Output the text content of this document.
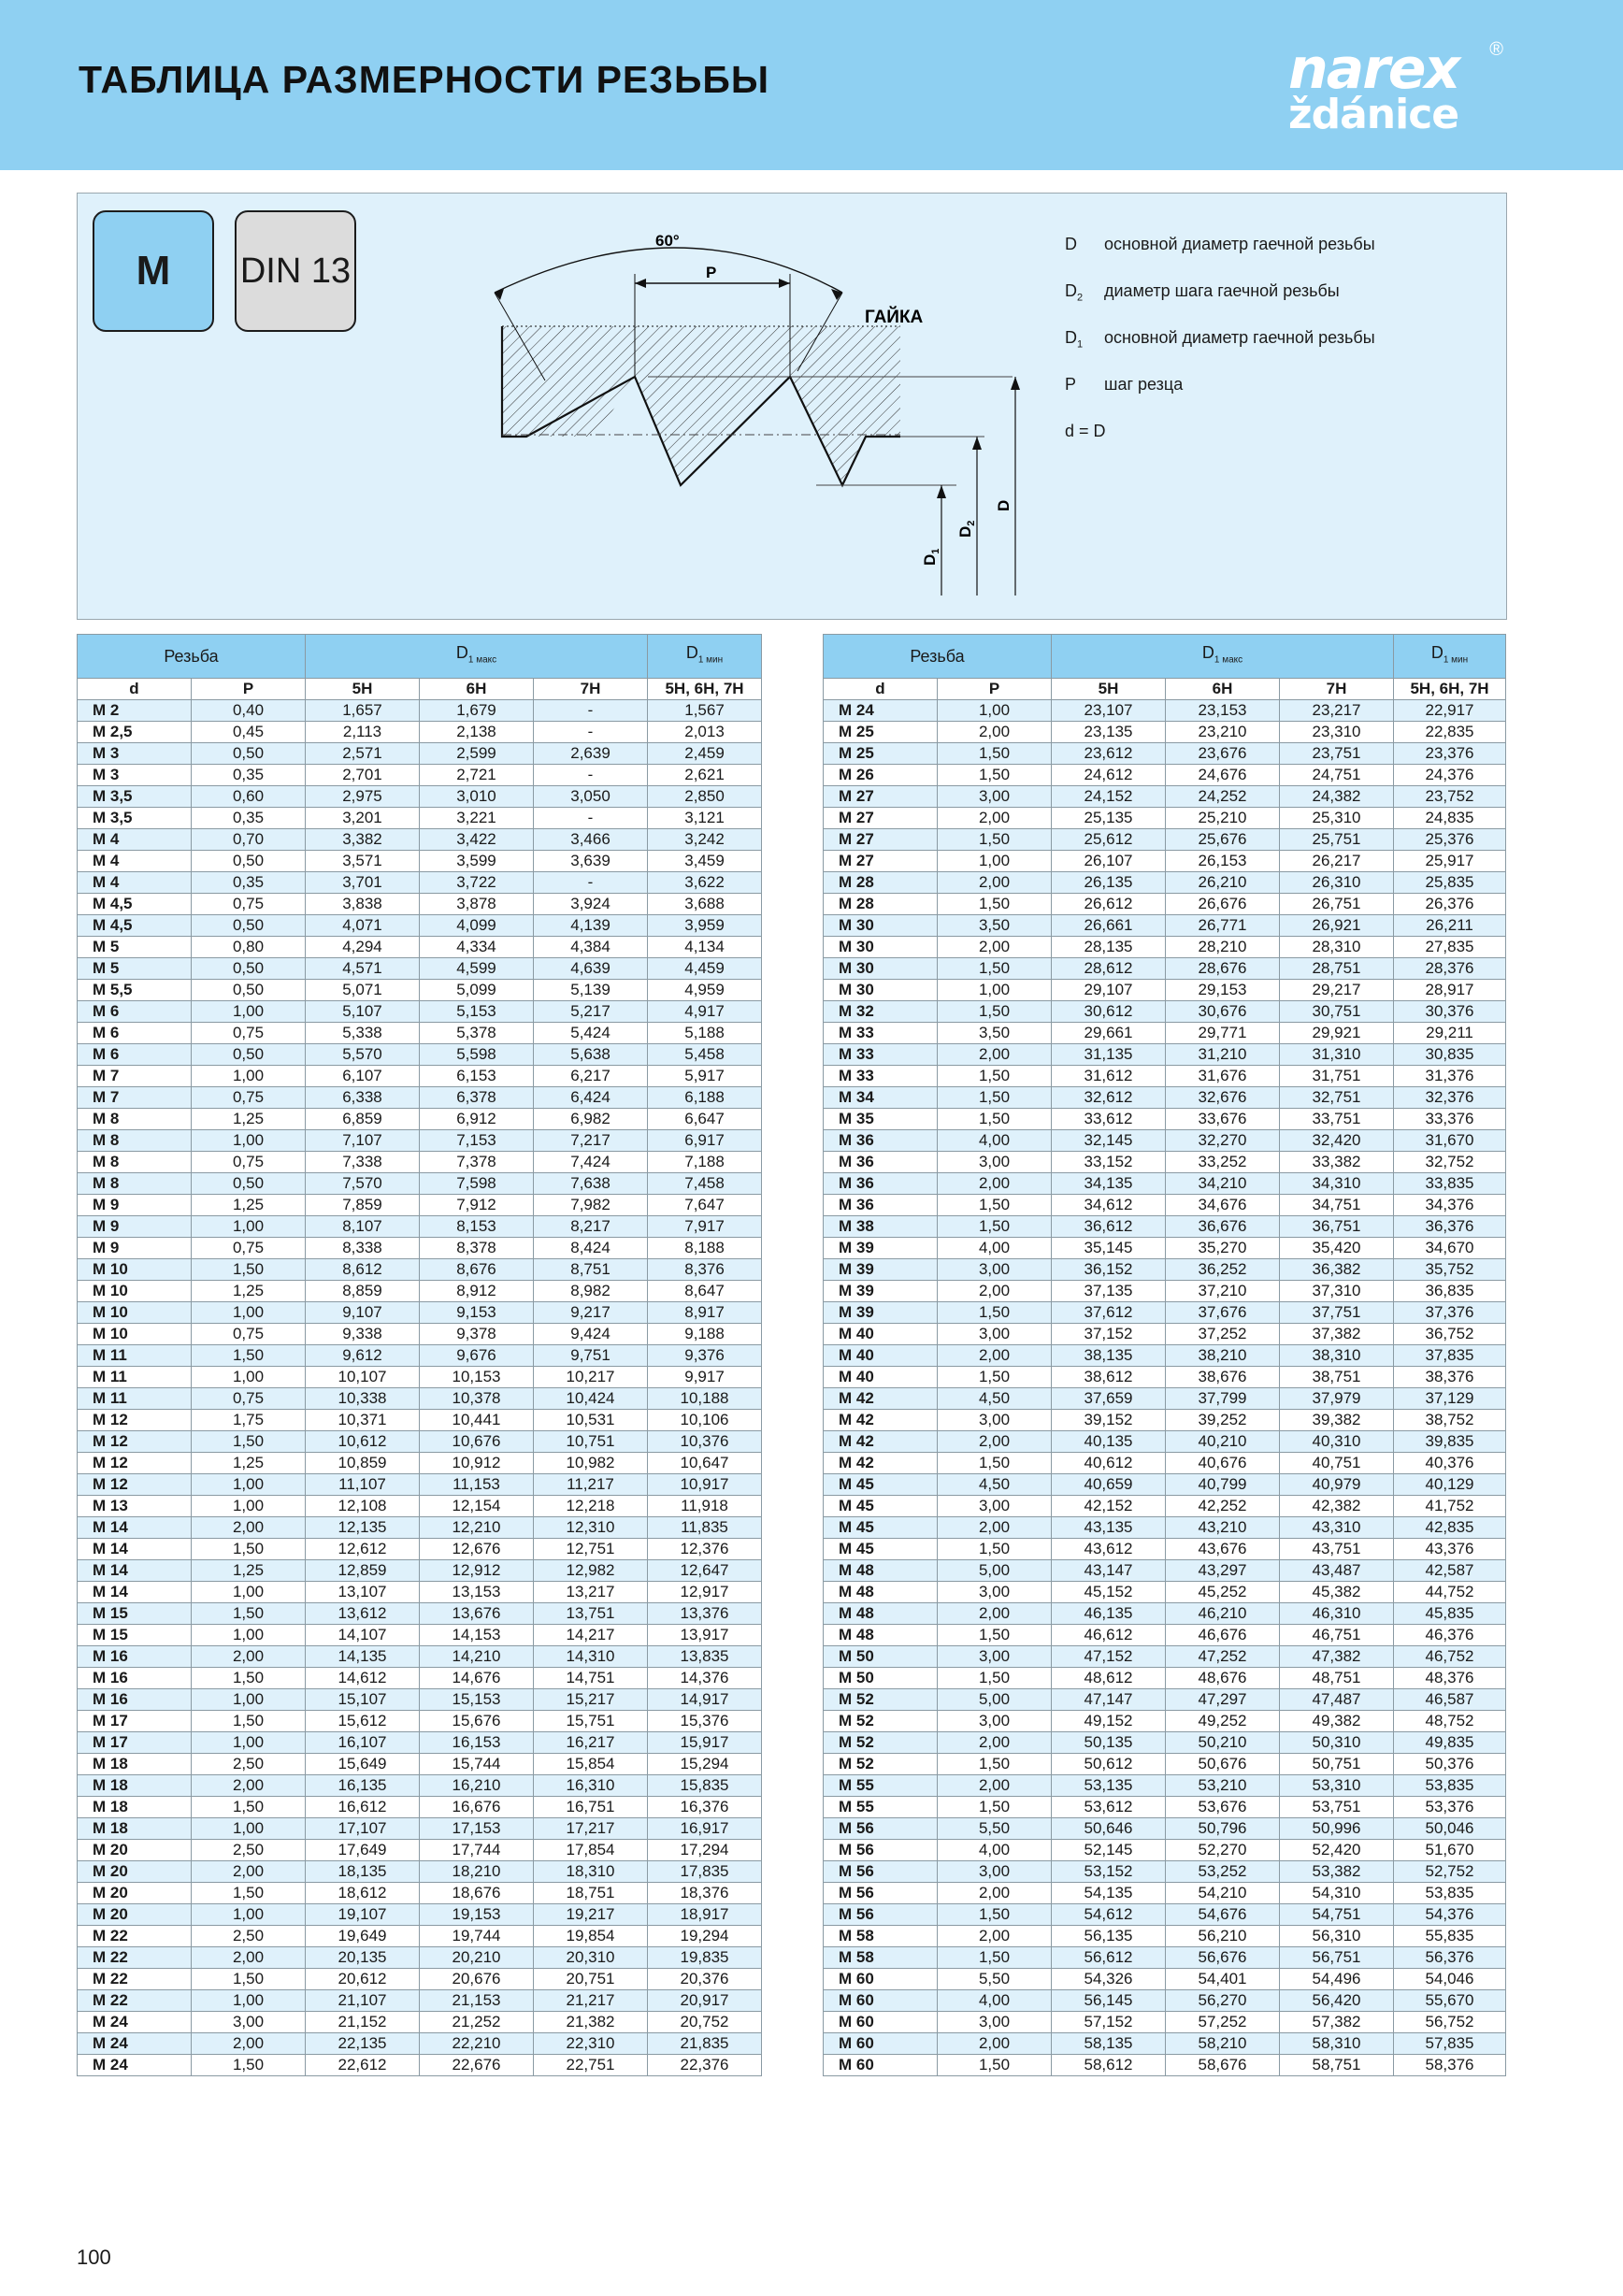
ТАБЛИЦА РАЗМЕРНОСТИ РЕЗЬБЫ	narex
ždánice
®
M	DIN 13
60°
P
ГАЙКА
D
$D_2$
$D_1$
D	основной диаметр гаечной резьбы
$D_2$	диаметр шага гаечной резьбы
$D_1$	основной диаметр гаечной резьбы
P	шаг резца
d = D
Резьба		$D_{1 макс}$			$D_{1 мин}$
d	P	5H	6H	7H	5H, 6H, 7H
M 2	0,40	1,657	1,679	-	1,567
M 2,5	0,45	2,113	2,138	-	2,013
M 3	0,50	2,571	2,599	2,639	2,459
M 3	0,35	2,701	2,721	-	2,621
M 3,5	0,60	2,975	3,010	3,050	2,850
M 3,5	0,35	3,201	3,221	-	3,121
M 4	0,70	3,382	3,422	3,466	3,242
M 4	0,50	3,571	3,599	3,639	3,459
M 4	0,35	3,701	3,722	-	3,622
M 4,5	0,75	3,838	3,878	3,924	3,688
M 4,5	0,50	4,071	4,099	4,139	3,959
M 5	0,80	4,294	4,334	4,384	4,134
M 5	0,50	4,571	4,599	4,639	4,459
M 5,5	0,50	5,071	5,099	5,139	4,959
M 6	1,00	5,107	5,153	5,217	4,917
M 6	0,75	5,338	5,378	5,424	5,188
M 6	0,50	5,570	5,598	5,638	5,458
M 7	1,00	6,107	6,153	6,217	5,917
M 7	0,75	6,338	6,378	6,424	6,188
M 8	1,25	6,859	6,912	6,982	6,647
M 8	1,00	7,107	7,153	7,217	6,917
M 8	0,75	7,338	7,378	7,424	7,188
M 8	0,50	7,570	7,598	7,638	7,458
M 9	1,25	7,859	7,912	7,982	7,647
M 9	1,00	8,107	8,153	8,217	7,917
M 9	0,75	8,338	8,378	8,424	8,188
M 10	1,50	8,612	8,676	8,751	8,376
M 10	1,25	8,859	8,912	8,982	8,647
M 10	1,00	9,107	9,153	9,217	8,917
M 10	0,75	9,338	9,378	9,424	9,188
M 11	1,50	9,612	9,676	9,751	9,376
M 11	1,00	10,107	10,153	10,217	9,917
M 11	0,75	10,338	10,378	10,424	10,188
M 12	1,75	10,371	10,441	10,531	10,106
M 12	1,50	10,612	10,676	10,751	10,376
M 12	1,25	10,859	10,912	10,982	10,647
M 12	1,00	11,107	11,153	11,217	10,917
M 13	1,00	12,108	12,154	12,218	11,918
M 14	2,00	12,135	12,210	12,310	11,835
M 14	1,50	12,612	12,676	12,751	12,376
M 14	1,25	12,859	12,912	12,982	12,647
M 14	1,00	13,107	13,153	13,217	12,917
M 15	1,50	13,612	13,676	13,751	13,376
M 15	1,00	14,107	14,153	14,217	13,917
M 16	2,00	14,135	14,210	14,310	13,835
M 16	1,50	14,612	14,676	14,751	14,376
M 16	1,00	15,107	15,153	15,217	14,917
M 17	1,50	15,612	15,676	15,751	15,376
M 17	1,00	16,107	16,153	16,217	15,917
M 18	2,50	15,649	15,744	15,854	15,294
M 18	2,00	16,135	16,210	16,310	15,835
M 18	1,50	16,612	16,676	16,751	16,376
M 18	1,00	17,107	17,153	17,217	16,917
M 20	2,50	17,649	17,744	17,854	17,294
M 20	2,00	18,135	18,210	18,310	17,835
M 20	1,50	18,612	18,676	18,751	18,376
M 20	1,00	19,107	19,153	19,217	18,917
M 22	2,50	19,649	19,744	19,854	19,294
M 22	2,00	20,135	20,210	20,310	19,835
M 22	1,50	20,612	20,676	20,751	20,376
M 22	1,00	21,107	21,153	21,217	20,917
M 24	3,00	21,152	21,252	21,382	20,752
M 24	2,00	22,135	22,210	22,310	21,835
M 24	1,50	22,612	22,676	22,751	22,376
Резьба		$D_{1 макс}$			$D_{1 мин}$
d	P	5H	6H	7H	5H, 6H, 7H
M 24	1,00	23,107	23,153	23,217	22,917
M 25	2,00	23,135	23,210	23,310	22,835
M 25	1,50	23,612	23,676	23,751	23,376
M 26	1,50	24,612	24,676	24,751	24,376
M 27	3,00	24,152	24,252	24,382	23,752
M 27	2,00	25,135	25,210	25,310	24,835
M 27	1,50	25,612	25,676	25,751	25,376
M 27	1,00	26,107	26,153	26,217	25,917
M 28	2,00	26,135	26,210	26,310	25,835
M 28	1,50	26,612	26,676	26,751	26,376
M 30	3,50	26,661	26,771	26,921	26,211
M 30	2,00	28,135	28,210	28,310	27,835
M 30	1,50	28,612	28,676	28,751	28,376
M 30	1,00	29,107	29,153	29,217	28,917
M 32	1,50	30,612	30,676	30,751	30,376
M 33	3,50	29,661	29,771	29,921	29,211
M 33	2,00	31,135	31,210	31,310	30,835
M 33	1,50	31,612	31,676	31,751	31,376
M 34	1,50	32,612	32,676	32,751	32,376
M 35	1,50	33,612	33,676	33,751	33,376
M 36	4,00	32,145	32,270	32,420	31,670
M 36	3,00	33,152	33,252	33,382	32,752
M 36	2,00	34,135	34,210	34,310	33,835
M 36	1,50	34,612	34,676	34,751	34,376
M 38	1,50	36,612	36,676	36,751	36,376
M 39	4,00	35,145	35,270	35,420	34,670
M 39	3,00	36,152	36,252	36,382	35,752
M 39	2,00	37,135	37,210	37,310	36,835
M 39	1,50	37,612	37,676	37,751	37,376
M 40	3,00	37,152	37,252	37,382	36,752
M 40	2,00	38,135	38,210	38,310	37,835
M 40	1,50	38,612	38,676	38,751	38,376
M 42	4,50	37,659	37,799	37,979	37,129
M 42	3,00	39,152	39,252	39,382	38,752
M 42	2,00	40,135	40,210	40,310	39,835
M 42	1,50	40,612	40,676	40,751	40,376
M 45	4,50	40,659	40,799	40,979	40,129
M 45	3,00	42,152	42,252	42,382	41,752
M 45	2,00	43,135	43,210	43,310	42,835
M 45	1,50	43,612	43,676	43,751	43,376
M 48	5,00	43,147	43,297	43,487	42,587
M 48	3,00	45,152	45,252	45,382	44,752
M 48	2,00	46,135	46,210	46,310	45,835
M 48	1,50	46,612	46,676	46,751	46,376
M 50	3,00	47,152	47,252	47,382	46,752
M 50	1,50	48,612	48,676	48,751	48,376
M 52	5,00	47,147	47,297	47,487	46,587
M 52	3,00	49,152	49,252	49,382	48,752
M 52	2,00	50,135	50,210	50,310	49,835
M 52	1,50	50,612	50,676	50,751	50,376
M 55	2,00	53,135	53,210	53,310	53,835
M 55	1,50	53,612	53,676	53,751	53,376
M 56	5,50	50,646	50,796	50,996	50,046
M 56	4,00	52,145	52,270	52,420	51,670
M 56	3,00	53,152	53,252	53,382	52,752
M 56	2,00	54,135	54,210	54,310	53,835
M 56	1,50	54,612	54,676	54,751	54,376
M 58	2,00	56,135	56,210	56,310	55,835
M 58	1,50	56,612	56,676	56,751	56,376
M 60	5,50	54,326	54,401	54,496	54,046
M 60	4,00	56,145	56,270	56,420	55,670
M 60	3,00	57,152	57,252	57,382	56,752
M 60	2,00	58,135	58,210	58,310	57,835
M 60	1,50	58,612	58,676	58,751	58,376
100
